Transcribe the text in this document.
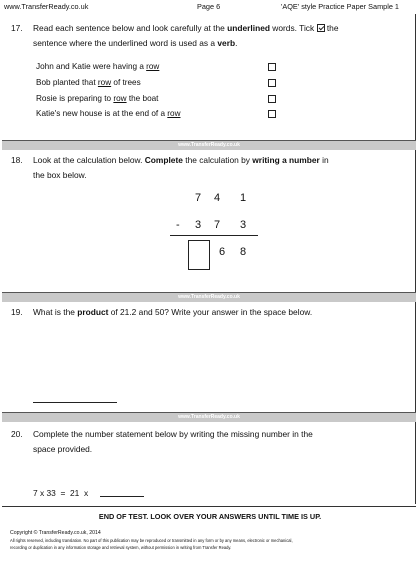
www.TransferReady.co.uk	Page 6	'AQE' style Practice Paper Sample 1
17. Read each sentence below and look carefully at the underlined words. Tick  the
sentence where the underlined word is used as a verb.
John and Katie were having a row
Bob planted that row of trees
Rosie is preparing to row the boat
Katie's new house is at the end of a row
www.TransferReady.co.uk
18. Look at the calculation below. Complete the calculation by writing a number in
the box below.
7 4 1
- 3 7 3
6 8
www.TransferReady.co.uk
19. What is the product of 21.2 and 50? Write your answer in the space below.
www.TransferReady.co.uk
20. Complete the number statement below by writing the missing number in the
space provided.
7 x 33  =  21  x
END OF TEST. LOOK OVER YOUR ANSWERS UNTIL TIME IS UP.
Copyright © TransferReady.co.uk, 2014
All rights reserved, including translation. No part of this publication may be reproduced or transmitted in any form or by any means, electronic or mechanical,
recording or duplication in any information storage and retrieval system, without permission in writing from Transfer Ready.
